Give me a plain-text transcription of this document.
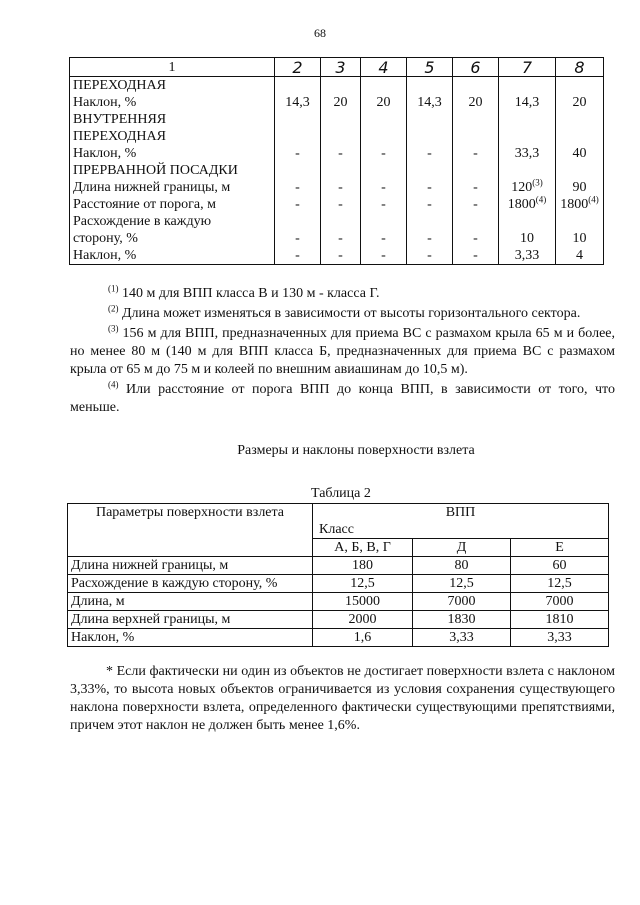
68
1	2	3	4	5	6	7	8
ПЕРЕХОДНАЯ							
Наклон, %	14,3	20	20	14,3	20	14,3	20
ВНУТРЕННЯЯ							
ПЕРЕХОДНАЯ							
Наклон, %	-	-	-	-	-	33,3	40
ПРЕРВАННОЙ ПОСАДКИ							
Длина нижней границы, м	-	-	-	-	-	120$^{(3)}$	90
Расстояние от порога, м	-	-	-	-	-	1800$^{(4)}$	1800$^{(4)}$
Расхождение в каждую							
сторону, %	-	-	-	-	-	10	10
Наклон, %	-	-	-	-	-	3,33	4

$^{(1)}$ 140 м для ВПП класса В и 130 м - класса Г.

$^{(2)}$ Длина может изменяться в зависимости от высоты горизонтального сектора.

$^{(3)}$ 156 м для ВПП, предназначенных для приема ВС с размахом крыла 65 м и более, но менее 80 м (140 м для ВПП класса Б, предназначенных для приема ВС с размахом крыла от 65 м до 75 м и колеей по внешним авиашинам до 10,5 м).

$^{(4)}$ Или расстояние от порога ВПП до конца ВПП, в зависимости от того, что меньше.

Размеры и наклоны поверхности взлета
Таблица 2
Параметры поверхности взлета	ВПП		
	Класс		
	А, Б, В, Г	Д	Е
Длина нижней границы, м	180	80	60
Расхождение в каждую сторону, %	12,5	12,5	12,5
Длина, м	15000	7000	7000
Длина верхней границы, м	2000	1830	1810
Наклон, %	1,6	3,33	3,33

* Если фактически ни один из объектов не достигает поверхности взлета с наклоном 3,33%, то высота новых объектов ограничивается из условия сохранения существующего наклона поверхности взлета, определенного фактически существующими препятствиями, причем этот наклон не должен быть менее 1,6%.
